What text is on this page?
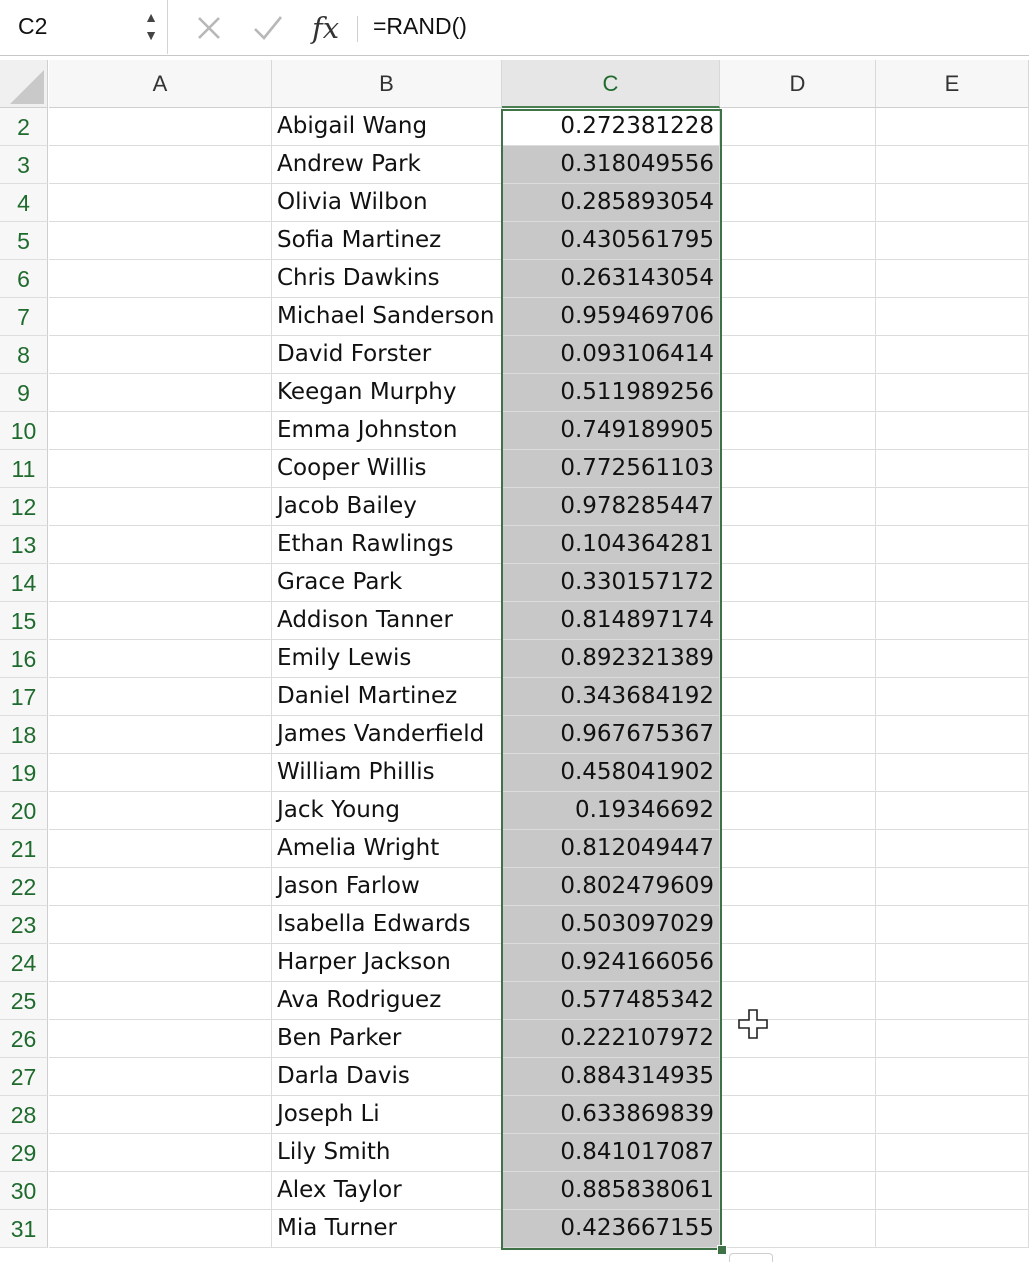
C2	▲
▼	fx	=RAND()
A	B	C	D	E
2	Abigail Wang	0.272381228
3	Andrew Park	0.318049556
4	Olivia Wilbon	0.285893054
5	Sofia Martinez	0.430561795
6	Chris Dawkins	0.263143054
7	Michael Sanderson	0.959469706
8	David Forster	0.093106414
9	Keegan Murphy	0.511989256
10	Emma Johnston	0.749189905
11	Cooper Willis	0.772561103
12	Jacob Bailey	0.978285447
13	Ethan Rawlings	0.104364281
14	Grace Park	0.330157172
15	Addison Tanner	0.814897174
16	Emily Lewis	0.892321389
17	Daniel Martinez	0.343684192
18	James Vanderfield	0.967675367
19	William Phillis	0.458041902
20	Jack Young	0.19346692
21	Amelia Wright	0.812049447
22	Jason Farlow	0.802479609
23	Isabella Edwards	0.503097029
24	Harper Jackson	0.924166056
25	Ava Rodriguez	0.577485342
26	Ben Parker	0.222107972
27	Darla Davis	0.884314935
28	Joseph Li	0.633869839
29	Lily Smith	0.841017087
30	Alex Taylor	0.885838061
31	Mia Turner	0.423667155
